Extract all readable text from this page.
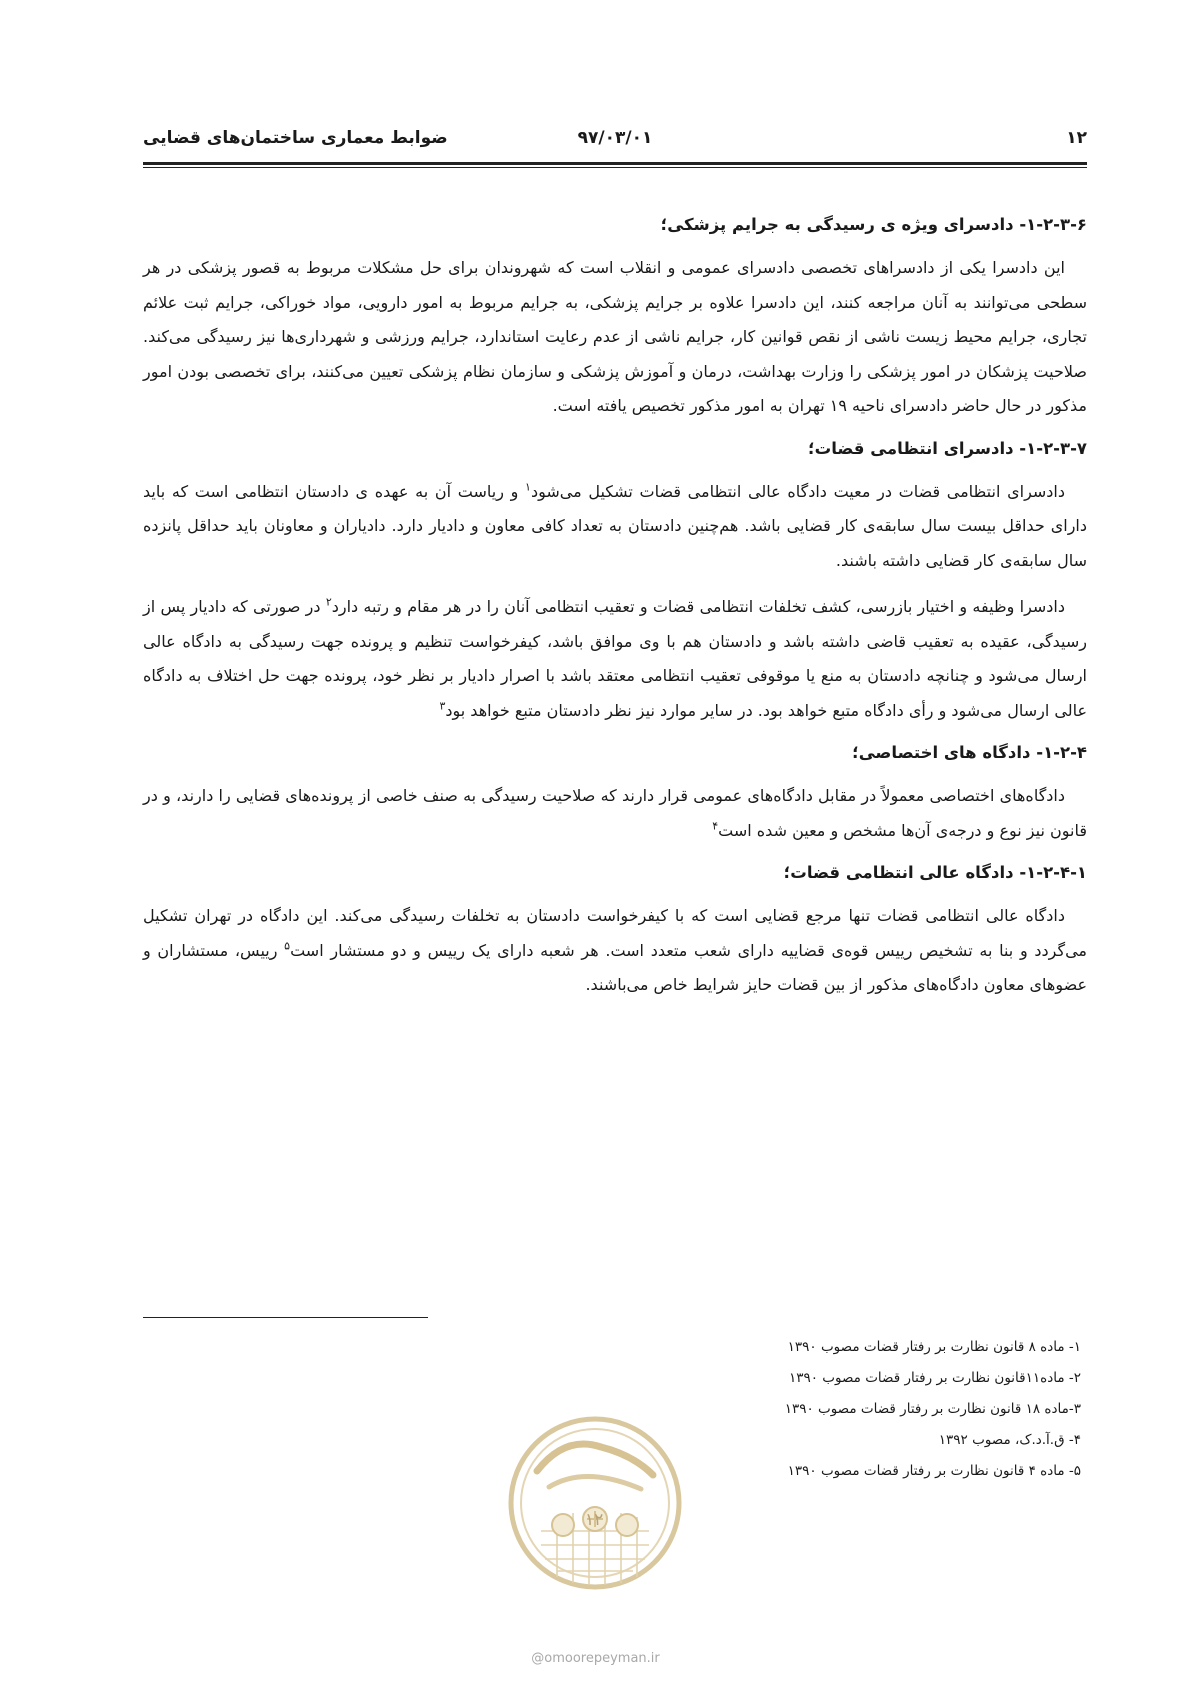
۱۲
۹۷/۰۳/۰۱
ضوابط معماری ساختمان‌های قضایی
۱-۲-۳-۶- دادسرای ویژه ی رسیدگی به جرایم پزشکی؛

این دادسرا یکی از دادسراهای تخصصی دادسرای عمومی و انقلاب است که شهروندان برای حل مشکلات مربوط به قصور پزشکی در هر سطحی می‌توانند به آنان مراجعه کنند، این دادسرا علاوه بر جرایم پزشکی، به جرایم مربوط به امور دارویی، مواد خوراکی، جرایم ثبت علائم تجاری، جرایم محیط زیست ناشی از نقص قوانین کار، جرایم ناشی از عدم رعایت استاندارد، جرایم ورزشی و شهرداری‌ها نیز رسیدگی می‌کند. صلاحیت پزشکان در امور پزشکی را وزارت بهداشت، درمان و آموزش پزشکی و سازمان نظام پزشکی تعیین می‌کنند، برای تخصصی بودن امور مذکور در حال حاضر دادسرای ناحیه ۱۹ تهران به امور مذکور تخصیص یافته است.

۱-۲-۳-۷- دادسرای انتظامی قضات؛

دادسرای انتظامی قضات در معیت دادگاه عالی انتظامی قضات تشکیل می‌شود$^۱$ و ریاست آن به عهده ی دادستان انتظامی است که باید دارای حداقل بیست سال سابقه‌ی کار قضایی باشد. هم‌چنین دادستان به تعداد کافی معاون و دادیار دارد. دادیاران و معاونان باید حداقل پانزده سال سابقه‌ی کار قضایی داشته باشند.

دادسرا وظیفه و اختیار بازرسی، کشف تخلفات انتظامی قضات و تعقیب انتظامی آنان را در هر مقام و رتبه دارد$^۲$ در صورتی که دادیار پس از رسیدگی، عقیده به تعقیب قاضی داشته باشد و دادستان هم با وی موافق باشد، کیفرخواست تنظیم و پرونده جهت رسیدگی به دادگاه عالی ارسال می‌شود و چنانچه دادستان به منع یا موقوفی تعقیب انتظامی معتقد باشد با اصرار دادیار بر نظر خود، پرونده جهت حل اختلاف به دادگاه عالی ارسال می‌شود و رأی دادگاه متبع خواهد بود. در سایر موارد نیز نظر دادستان متبع خواهد بود$^۳$

۱-۲-۴- دادگاه های اختصاصی؛

دادگاه‌های اختصاصی معمولاً در مقابل دادگاه‌های عمومی قرار دارند که صلاحیت رسیدگی به صنف خاصی از پرونده‌های قضایی را دارند، و در قانون نیز نوع و درجه‌ی آن‌ها مشخص و معین شده است$^۴$

۱-۲-۴-۱- دادگاه عالی انتظامی قضات؛

دادگاه عالی انتظامی قضات تنها مرجع قضایی است که با کیفرخواست دادستان به تخلفات رسیدگی می‌کند. این دادگاه در تهران تشکیل می‌گردد و بنا به تشخیص رییس قوه‌ی قضاییه دارای شعب متعدد است. هر شعبه دارای یک رییس و دو مستشار است$^۵$ رییس، مستشاران و عضوهای معاون دادگاه‌های مذکور از بین قضات حایز شرایط خاص می‌باشند.

۱- ماده ۸ قانون نظارت بر رفتار قضات مصوب ۱۳۹۰
۲- ماده۱۱قانون نظارت بر رفتار قضات مصوب ۱۳۹۰
۳-ماده ۱۸ قانون نظارت بر رفتار قضات مصوب ۱۳۹۰
۴- ق.آ.د.ک، مصوب ۱۳۹۲
۵- ماده ۴ قانون نظارت بر رفتار قضات مصوب ۱۳۹۰
۱۲
@omoorepeyman.ir
